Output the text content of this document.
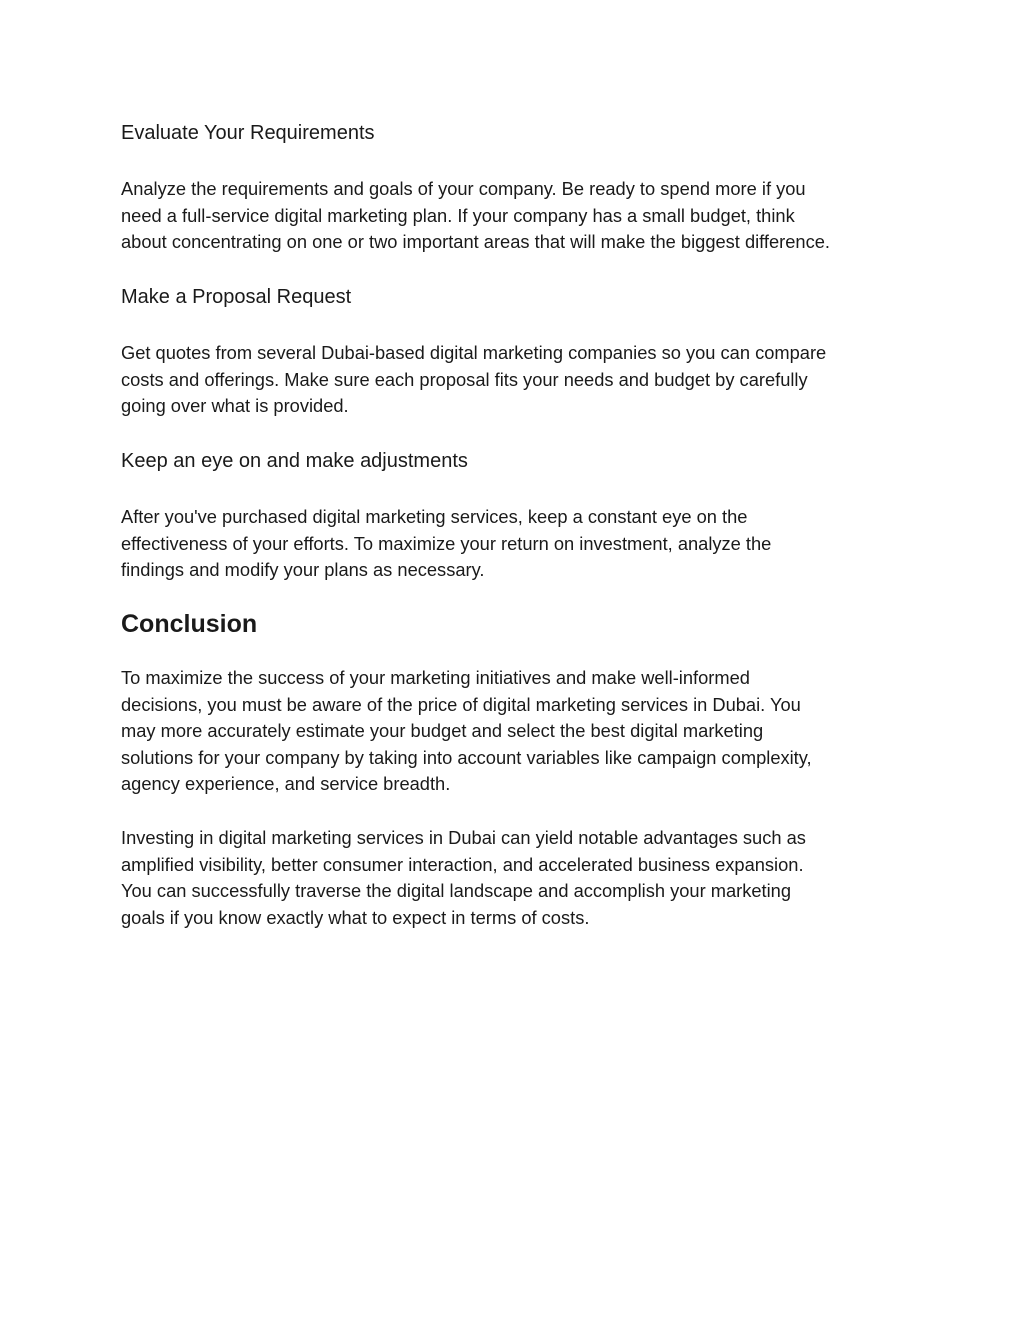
Evaluate Your Requirements

Analyze the requirements and goals of your company. Be ready to spend more if you
need a full-service digital marketing plan. If your company has a small budget, think
about concentrating on one or two important areas that will make the biggest difference.

Make a Proposal Request

Get quotes from several Dubai-based digital marketing companies so you can compare
costs and offerings. Make sure each proposal fits your needs and budget by carefully
going over what is provided.

Keep an eye on and make adjustments

After you've purchased digital marketing services, keep a constant eye on the
effectiveness of your efforts. To maximize your return on investment, analyze the
findings and modify your plans as necessary.

Conclusion

To maximize the success of your marketing initiatives and make well-informed
decisions, you must be aware of the price of digital marketing services in Dubai. You
may more accurately estimate your budget and select the best digital marketing
solutions for your company by taking into account variables like campaign complexity,
agency experience, and service breadth.

Investing in digital marketing services in Dubai can yield notable advantages such as
amplified visibility, better consumer interaction, and accelerated business expansion.
You can successfully traverse the digital landscape and accomplish your marketing
goals if you know exactly what to expect in terms of costs.
